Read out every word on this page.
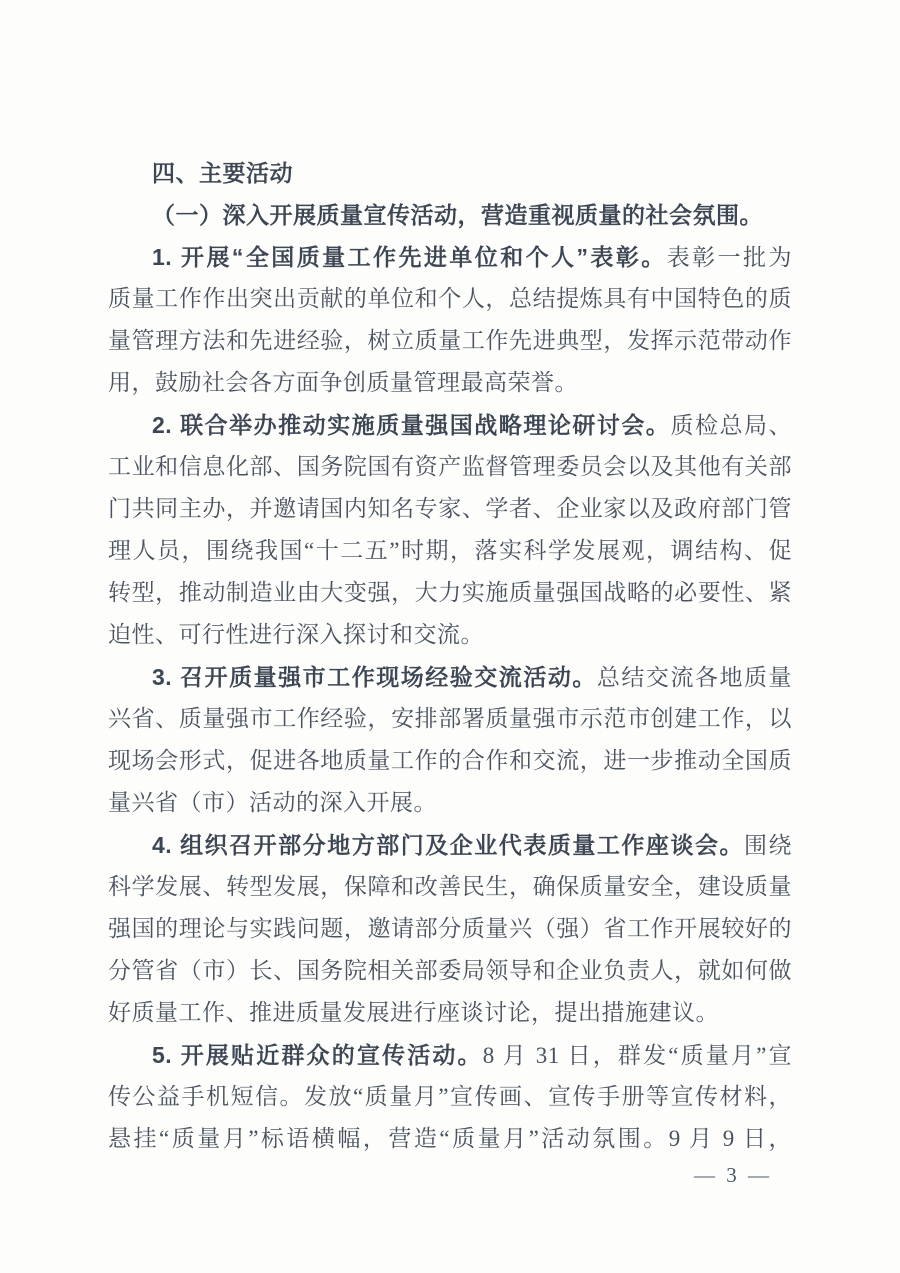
四、主要活动
（一）深入开展质量宣传活动，营造重视质量的社会氛围。
1. 开展“全国质量工作先进单位和个人”表彰。表彰一批为
质量工作作出突出贡献的单位和个人，总结提炼具有中国特色的质
量管理方法和先进经验，树立质量工作先进典型，发挥示范带动作
用，鼓励社会各方面争创质量管理最高荣誉。
2. 联合举办推动实施质量强国战略理论研讨会。质检总局、
工业和信息化部、国务院国有资产监督管理委员会以及其他有关部
门共同主办，并邀请国内知名专家、学者、企业家以及政府部门管
理人员，围绕我国“十二五”时期，落实科学发展观，调结构、促
转型，推动制造业由大变强，大力实施质量强国战略的必要性、紧
迫性、可行性进行深入探讨和交流。
3. 召开质量强市工作现场经验交流活动。总结交流各地质量
兴省、质量强市工作经验，安排部署质量强市示范市创建工作，以
现场会形式，促进各地质量工作的合作和交流，进一步推动全国质
量兴省（市）活动的深入开展。
4. 组织召开部分地方部门及企业代表质量工作座谈会。围绕
科学发展、转型发展，保障和改善民生，确保质量安全，建设质量
强国的理论与实践问题，邀请部分质量兴（强）省工作开展较好的
分管省（市）长、国务院相关部委局领导和企业负责人，就如何做
好质量工作、推进质量发展进行座谈讨论，提出措施建议。
5. 开展贴近群众的宣传活动。8 月 31 日，群发“质量月”宣
传公益手机短信。发放“质量月”宣传画、宣传手册等宣传材料，
悬挂“质量月”标语横幅，营造“质量月”活动氛围。9 月 9 日，
— 3 —
